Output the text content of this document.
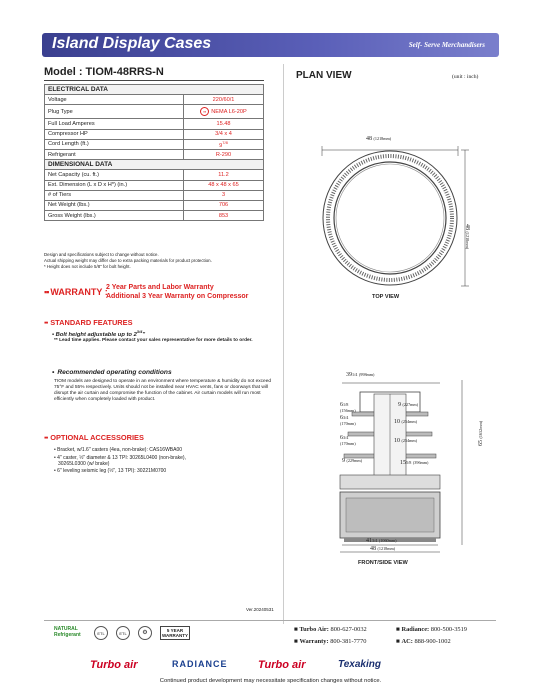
Island Display Cases	Self- Serve Merchandisers
Model : TIOM-48RRS-N
ELECTRICAL DATA	
Voltage	220/60/1
Plug Type	▪▪ NEMA L6-20P
Full Load Amperes	15.48
Compressor HP	3/4 x 4
Cord Length (ft.)	$9^{7/8}$
Refrigerant	R-290
DIMENSIONAL DATA	
Net Capacity (cu. ft.)	11.2
Ext. Dimension (L x D x H*) (in.)	48 x 48 x 65
# of Tiers	3
Net Weight (lbs.)	706
Gross Weight (lbs.)	853
Design and specifications subject to change without notice.
Actual shipping weight may differ due to extra packing materials for product protection.
* Height does not include 5/8" for bolt height.
▪▪ WARRANTY :
2 Year Parts and Labor Warranty
Additional 3 Year Warranty on Compressor
▪▪ STANDARD FEATURES
• Bolt height adjustable up to $2^{3/4}$"
** Lead time applies. Please contact your sales representative for more details to order.
• Recommended operating conditions
TIOM models are designed to operate in an environment where temperature & humidity do not exceed 75°F and 55% respectively. Units should not be installed near HVAC vents, fans or doorways that will disrupt the air curtain and compromise the function of the cabinet. Air curtain models will run most efficiently when completely loaded with product.
▪▪ OPTIONAL ACCESSORIES
• Bracket, w/1.6" casters (4ea, non-brake): CAS16WBA00
• 4" caster, ½" diameter & 13 TPI: 30265L0400 (non-brake),
30265L0300 (w/ brake)
• 6" leveling seismic leg (½", 13 TPI): 30221M0700
Ver.20240531
PLAN VIEW	(unit : inch)
48 (1218mm)
48 (1218mm)
TOP VIEW
391/4 (998mm)
61/8
(156mm)
63/4
(170mm)
63/4
(170mm)
9 (227mm)
10 (254mm)
10 (254mm)
9 (229mm)	155/8 (396mm)
65 (1652mm)
413/4 (1060mm)
48 (1218mm)
FRONT/SIDE VIEW
NATURAL
Refrigerant	ETL	ETL	⚙	5 YEAR
WARRANTY
■ Turbo Air: 800-627-0032	■ Radiance: 800-500-3519
■ Warranty: 800-381-7770	■ AC: 888-900-1002
Turbo air	RADIANCE	Turbo air	Texaking
Continued product development may necessitate specification changes without notice.
